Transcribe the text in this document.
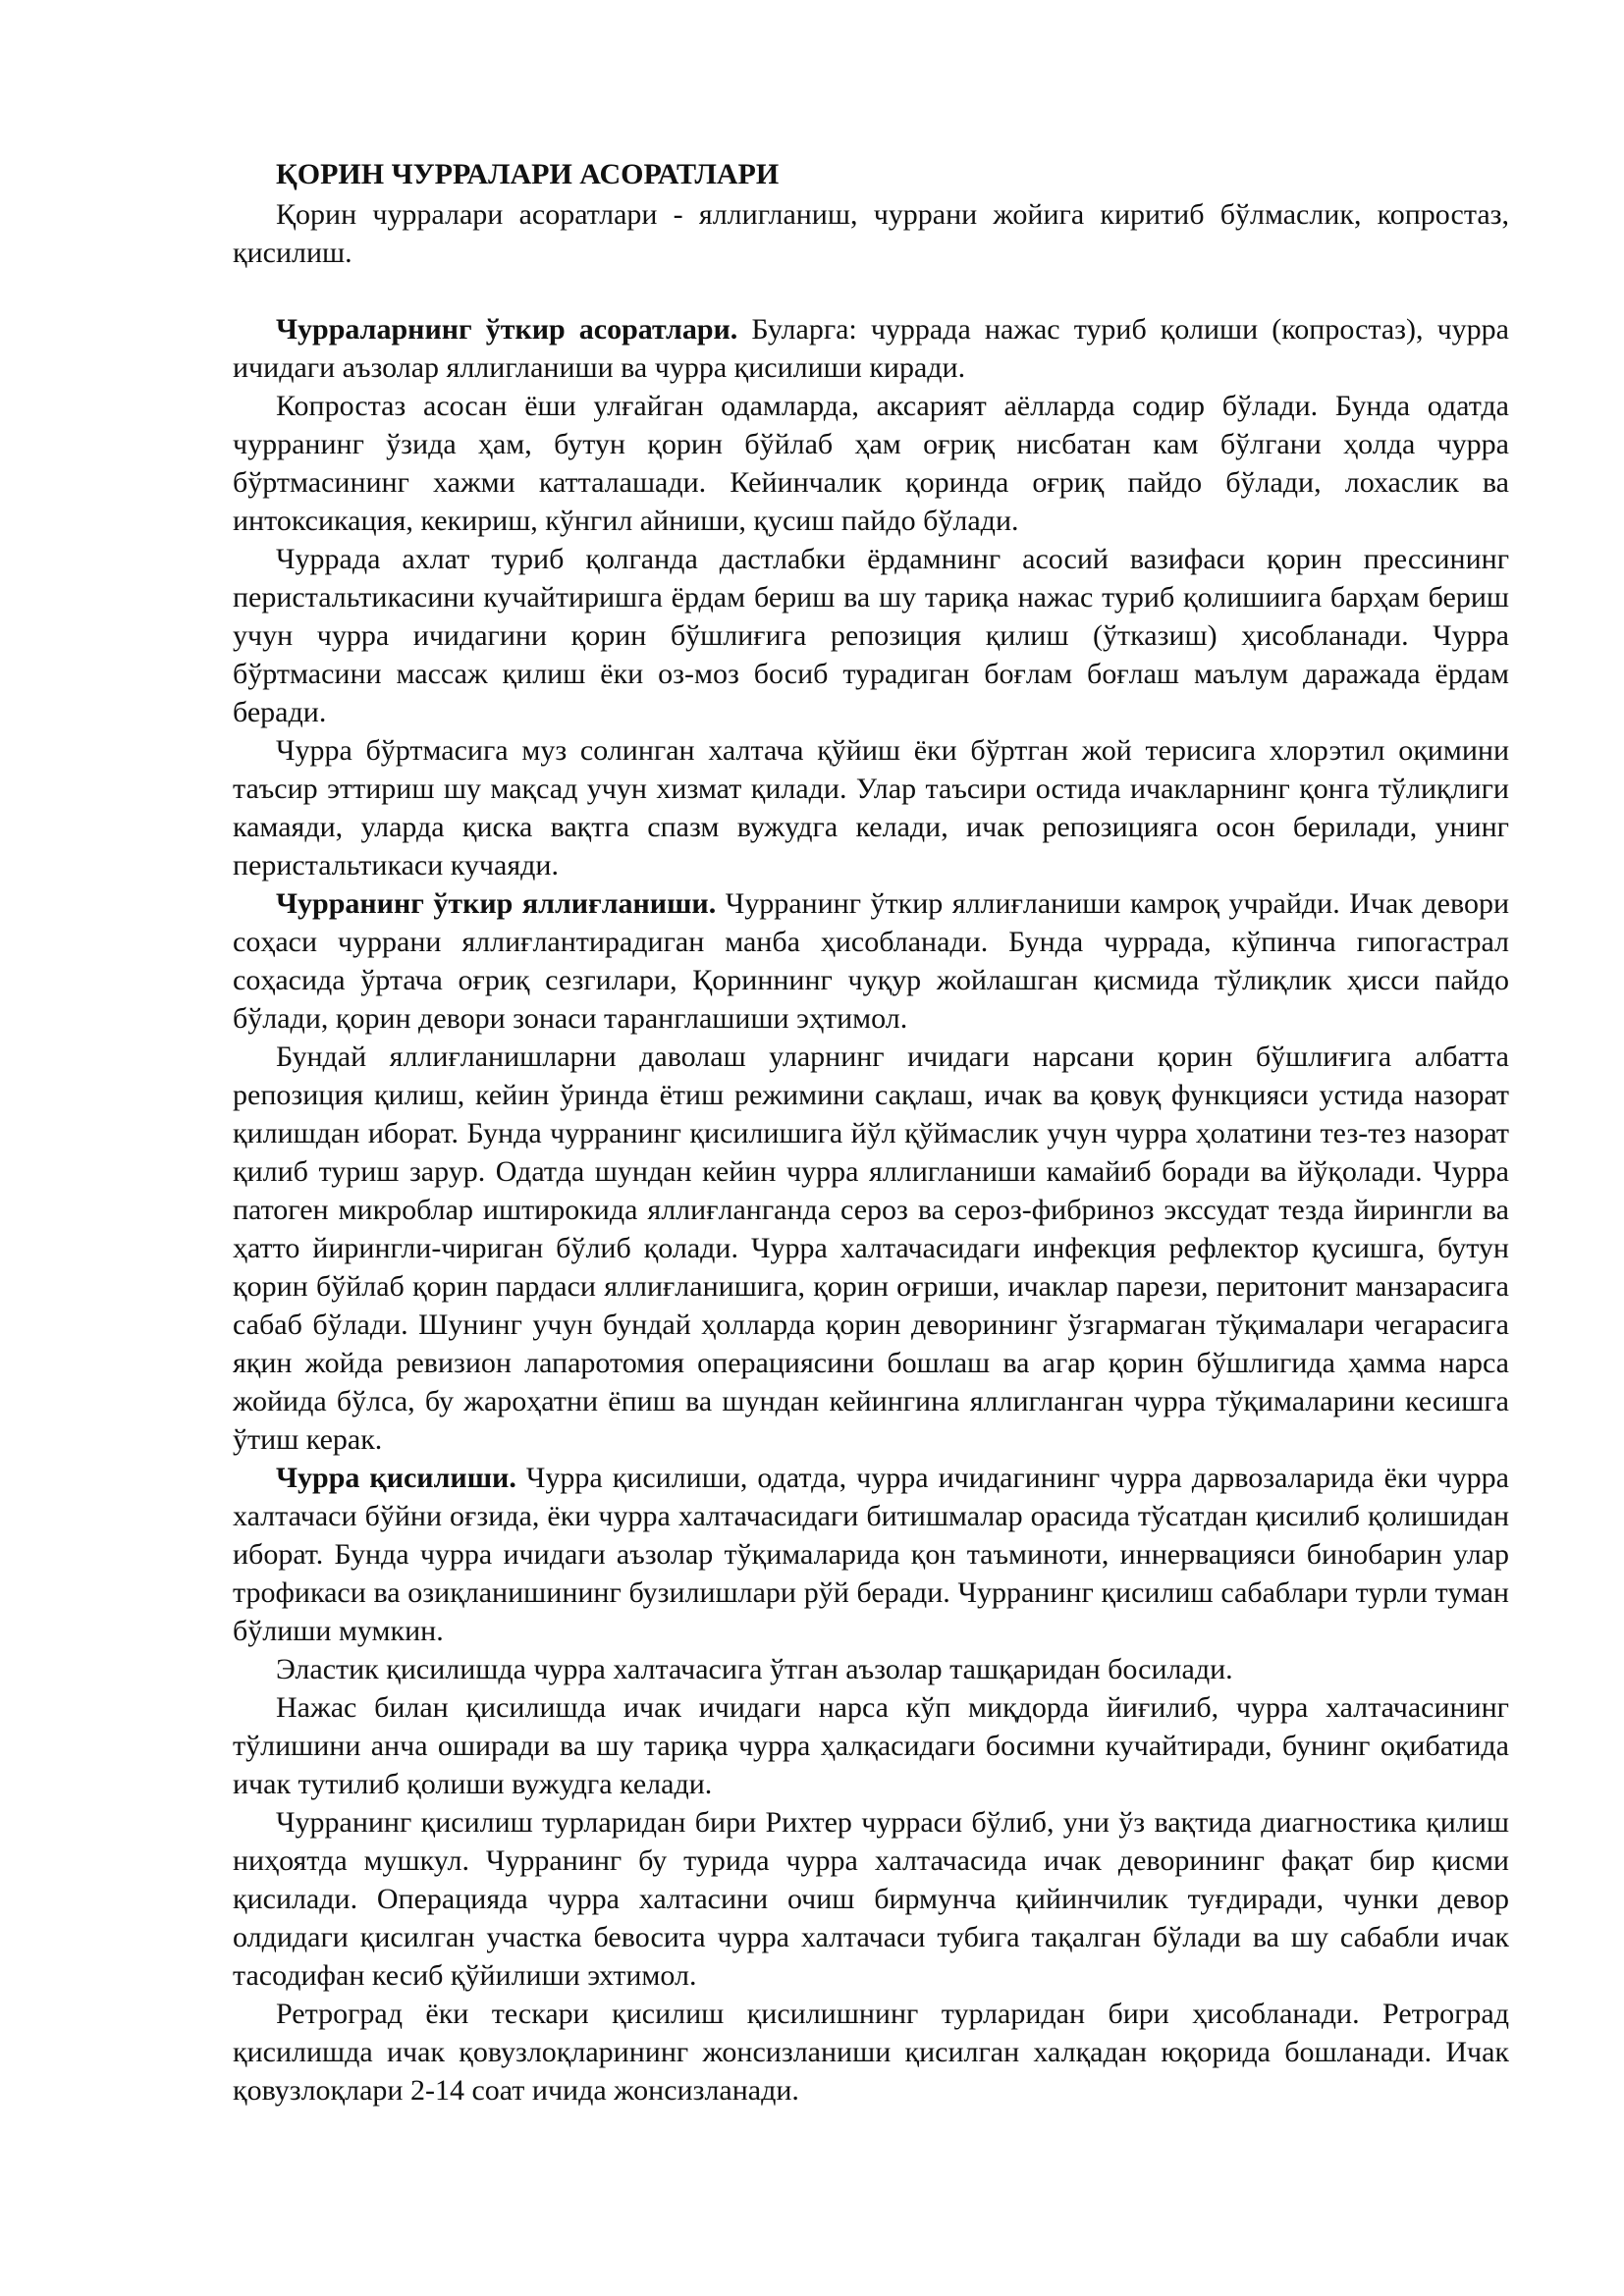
ҚОРИН ЧУРРАЛАРИ АСОРАТЛАРИ

Қорин чурралари асоратлари - яллигланиш, чуррани жойига киритиб бўлмаслик, копростаз, қисилиш.

Чурраларнинг ўткир асоратлари. Буларга: чуррада нажас туриб қолиши (копростаз), чурра ичидаги аъзолар яллигланиши ва чурра қисилиши киради.

Копростаз асосан ёши улғайган одамларда, аксарият аёлларда содир бўлади. Бунда одатда чурранинг ўзида ҳам, бутун қорин бўйлаб ҳам оғриқ нисбатан кам бўлгани ҳолда чурра бўртмасининг хажми катталашади. Кейинчалик қоринда оғриқ пайдо бўлади, лохаслик ва интоксикация, кекириш, кўнгил айниши, қусиш пайдо бўлади.

Чуррада ахлат туриб қолганда дастлабки ёрдамнинг асосий вазифаси қорин прессининг перистальтикасини кучайтиришга ёрдам бериш ва шу тариқа нажас туриб қолишиига барҳам бериш учун чурра ичидагини қорин бўшлиғига репозиция қилиш (ўтказиш) ҳисобланади. Чурра бўртмасини массаж қилиш ёки оз-моз босиб турадиган боғлам боғлаш маълум даражада ёрдам беради.

Чурра бўртмасига муз солинган халтача қўйиш ёки бўртган жой терисига хлорэтил оқимини таъсир эттириш шу мақсад учун хизмат қилади. Улар таъсири остида ичакларнинг қонга тўлиқлиги камаяди, уларда қиска вақтга спазм вужудга келади, ичак репозицияга осон берилади, унинг перистальтикаси кучаяди.

Чурранинг ўткир яллиғланиши. Чурранинг ўткир яллиғланиши камроқ учрайди. Ичак девори соҳаси чуррани яллиғлантирадиган манба ҳисобланади. Бунда чуррада, кўпинча гипогастрал соҳасида ўртача оғриқ сезгилари, Қориннинг чуқур жойлашган қисмида тўлиқлик ҳисси пайдо бўлади, қорин девори зонаси таранглашиши эҳтимол.

Бундай яллиғланишларни даволаш уларнинг ичидаги нарсани қорин бўшлиғига албатта репозиция қилиш, кейин ўринда ётиш режимини сақлаш, ичак ва қовуқ функцияси устида назорат қилишдан иборат. Бунда чурранинг қисилишига йўл қўймаслик учун чурра ҳолатини тез-тез назорат қилиб туриш зарур. Одатда шундан кейин чурра яллигланиши камайиб боради ва йўқолади. Чурра патоген микроблар иштирокида яллиғланганда сероз ва сероз-фибриноз экссудат тезда йирингли ва ҳатто йирингли-чириган бўлиб қолади. Чурра халтачасидаги инфекция рефлектор қусишга, бутун қорин бўйлаб қорин пардаси яллиғланишига, қорин оғриши, ичаклар парези, перитонит манзарасига сабаб бўлади. Шунинг учун бундай ҳолларда қорин деворининг ўзгармаган тўқималари чегарасига яқин жойда ревизион лапаротомия операциясини бошлаш ва агар қорин бўшлигида ҳамма нарса жойида бўлса, бу жароҳатни ёпиш ва шундан кейингина яллигланган чурра тўқималарини кесишга ўтиш керак.

Чурра қисилиши. Чурра қисилиши, одатда, чурра ичидагининг чурра дарвозаларида ёки чурра халтачаси бўйни оғзида, ёки чурра халтачасидаги битишмалар орасида тўсатдан қисилиб қолишидан иборат. Бунда чурра ичидаги аъзолар тўқималарида қон таъминоти, иннервацияси бинобарин улар трофикаси ва озиқланишининг бузилишлари рўй беради. Чурранинг қисилиш сабаблари турли туман бўлиши мумкин.

Эластик қисилишда чурра халтачасига ўтган аъзолар ташқаридан босилади.

Нажас билан қисилишда ичак ичидаги нарса кўп миқдорда йиғилиб, чурра халтачасининг тўлишини анча оширади ва шу тариқа чурра ҳалқасидаги босимни кучайтиради, бунинг оқибатида ичак тутилиб қолиши вужудга келади.

Чурранинг қисилиш турларидан бири Рихтер чурраси бўлиб, уни ўз вақтида диагностика қилиш ниҳоятда мушкул. Чурранинг бу турида чурра халтачасида ичак деворининг фақат бир қисми қисилади. Операцияда чурра халтасини очиш бирмунча қийинчилик туғдиради, чунки девор олдидаги қисилган участка бевосита чурра халтачаси тубига тақалган бўлади ва шу сабабли ичак тасодифан кесиб қўйилиши эхтимол.

Ретроград ёки тескари қисилиш қисилишнинг турларидан бири ҳисобланади. Ретроград қисилишда ичак қовузлоқларининг жонсизланиши қисилган халқадан юқорида бошланади. Ичак қовузлоқлари 2-14 соат ичида жонсизланади.
